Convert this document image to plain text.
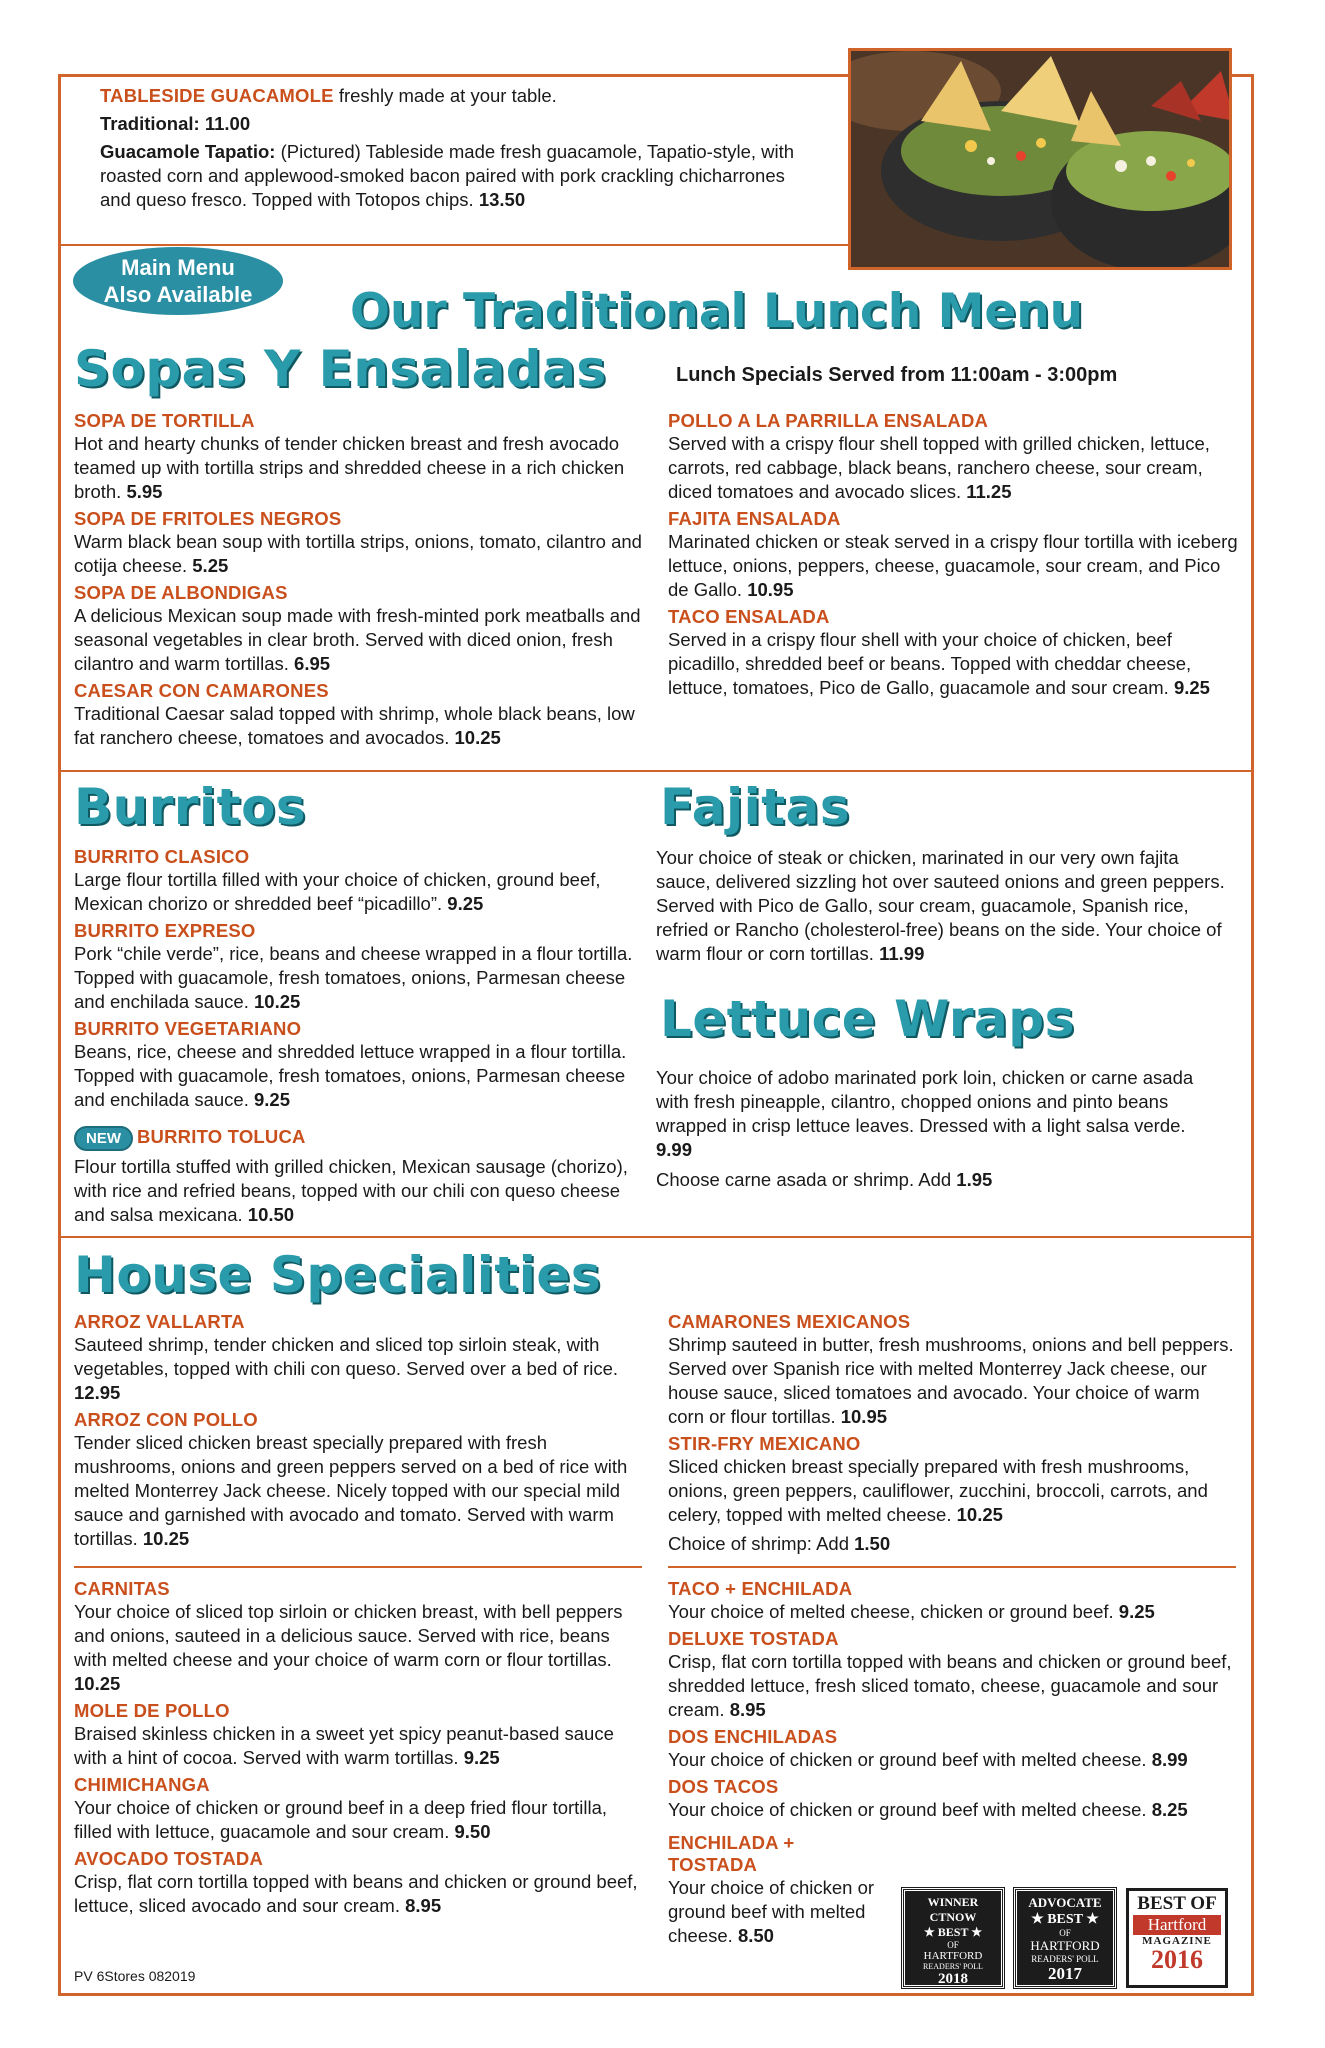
TABLESIDE GUACAMOLE freshly made at your table.
Traditional: 11.00
Guacamole Tapatio: (Pictured) Tableside made fresh guacamole, Tapatio-style, with roasted corn and applewood-smoked bacon paired with pork crackling chicharrones and queso fresco. Topped with Totopos chips. 13.50
Main Menu
Also Available	Our Traditional Lunch Menu
Sopas Y Ensaladas	Lunch Specials Served from 11:00am - 3:00pm
SOPA DE TORTILLA
Hot and hearty chunks of tender chicken breast and fresh avocado teamed up with tortilla strips and shredded cheese in a rich chicken broth. 5.95
SOPA DE FRITOLES NEGROS
Warm black bean soup with tortilla strips, onions, tomato, cilantro and cotija cheese. 5.25
SOPA DE ALBONDIGAS
A delicious Mexican soup made with fresh-minted pork meatballs and seasonal vegetables in clear broth. Served with diced onion, fresh cilantro and warm tortillas. 6.95
CAESAR CON CAMARONES
Traditional Caesar salad topped with shrimp, whole black beans, low fat ranchero cheese, tomatoes and avocados. 10.25
POLLO A LA PARRILLA ENSALADA
Served with a crispy flour shell topped with grilled chicken, lettuce, carrots, red cabbage, black beans, ranchero cheese, sour cream, diced tomatoes and avocado slices. 11.25
FAJITA ENSALADA
Marinated chicken or steak served in a crispy flour tortilla with iceberg lettuce, onions, peppers, cheese, guacamole, sour cream, and Pico de Gallo. 10.95
TACO ENSALADA
Served in a crispy flour shell with your choice of chicken, beef picadillo, shredded beef or beans. Topped with cheddar cheese, lettuce, tomatoes, Pico de Gallo, guacamole and sour cream. 9.25
Burritos	Fajitas
BURRITO CLASICO
Large flour tortilla filled with your choice of chicken, ground beef, Mexican chorizo or shredded beef “picadillo”. 9.25
BURRITO EXPRESO
Pork “chile verde”, rice, beans and cheese wrapped in a flour tortilla. Topped with guacamole, fresh tomatoes, onions, Parmesan cheese and enchilada sauce. 10.25
BURRITO VEGETARIANO
Beans, rice, cheese and shredded lettuce wrapped in a flour tortilla. Topped with guacamole, fresh tomatoes, onions, Parmesan cheese and enchilada sauce. 9.25
NEW BURRITO TOLUCA
Flour tortilla stuffed with grilled chicken, Mexican sausage (chorizo), with rice and refried beans, topped with our chili con queso cheese and salsa mexicana. 10.50
Your choice of steak or chicken, marinated in our very own fajita sauce, delivered sizzling hot over sauteed onions and green peppers. Served with Pico de Gallo, sour cream, guacamole, Spanish rice, refried or Rancho (cholesterol-free) beans on the side. Your choice of warm flour or corn tortillas. 11.99
Lettuce Wraps
Your choice of adobo marinated pork loin, chicken or carne asada with fresh pineapple, cilantro, chopped onions and pinto beans wrapped in crisp lettuce leaves. Dressed with a light salsa verde. 9.99
Choose carne asada or shrimp. Add 1.95
House Specialities
ARROZ VALLARTA
Sauteed shrimp, tender chicken and sliced top sirloin steak, with vegetables, topped with chili con queso. Served over a bed of rice. 12.95
ARROZ CON POLLO
Tender sliced chicken breast specially prepared with fresh mushrooms, onions and green peppers served on a bed of rice with melted Monterrey Jack cheese. Nicely topped with our special mild sauce and garnished with avocado and tomato. Served with warm tortillas. 10.25
CAMARONES MEXICANOS
Shrimp sauteed in butter, fresh mushrooms, onions and bell peppers. Served over Spanish rice with melted Monterrey Jack cheese, our house sauce, sliced tomatoes and avocado. Your choice of warm corn or flour tortillas. 10.95
STIR-FRY MEXICANO
Sliced chicken breast specially prepared with fresh mushrooms, onions, green peppers, cauliflower, zucchini, broccoli, carrots, and celery, topped with melted cheese. 10.25
Choice of shrimp: Add 1.50
CARNITAS
Your choice of sliced top sirloin or chicken breast, with bell peppers and onions, sauteed in a delicious sauce. Served with rice, beans with melted cheese and your choice of warm corn or flour tortillas. 10.25
MOLE DE POLLO
Braised skinless chicken in a sweet yet spicy peanut-based sauce with a hint of cocoa. Served with warm tortillas. 9.25
CHIMICHANGA
Your choice of chicken or ground beef in a deep fried flour tortilla, filled with lettuce, guacamole and sour cream. 9.50
AVOCADO TOSTADA
Crisp, flat corn tortilla topped with beans and chicken or ground beef, lettuce, sliced avocado and sour cream. 8.95
TACO + ENCHILADA
Your choice of melted cheese, chicken or ground beef. 9.25
DELUXE TOSTADA
Crisp, flat corn tortilla topped with beans and chicken or ground beef, shredded lettuce, fresh sliced tomato, cheese, guacamole and sour cream. 8.95
DOS ENCHILADAS
Your choice of chicken or ground beef with melted cheese. 8.99
DOS TACOS
Your choice of chicken or ground beef with melted cheese. 8.25
ENCHILADA + TOSTADA
Your choice of chicken or ground beef with melted cheese. 8.50
WINNER
CTNOW
★ BEST ★
OF
HARTFORD
READERS' POLL
2018
ADVOCATE
★ BEST ★
OF
HARTFORD
READERS' POLL
2017
BEST OF
Hartford
MAGAZINE
2016
PV 6Stores 082019
